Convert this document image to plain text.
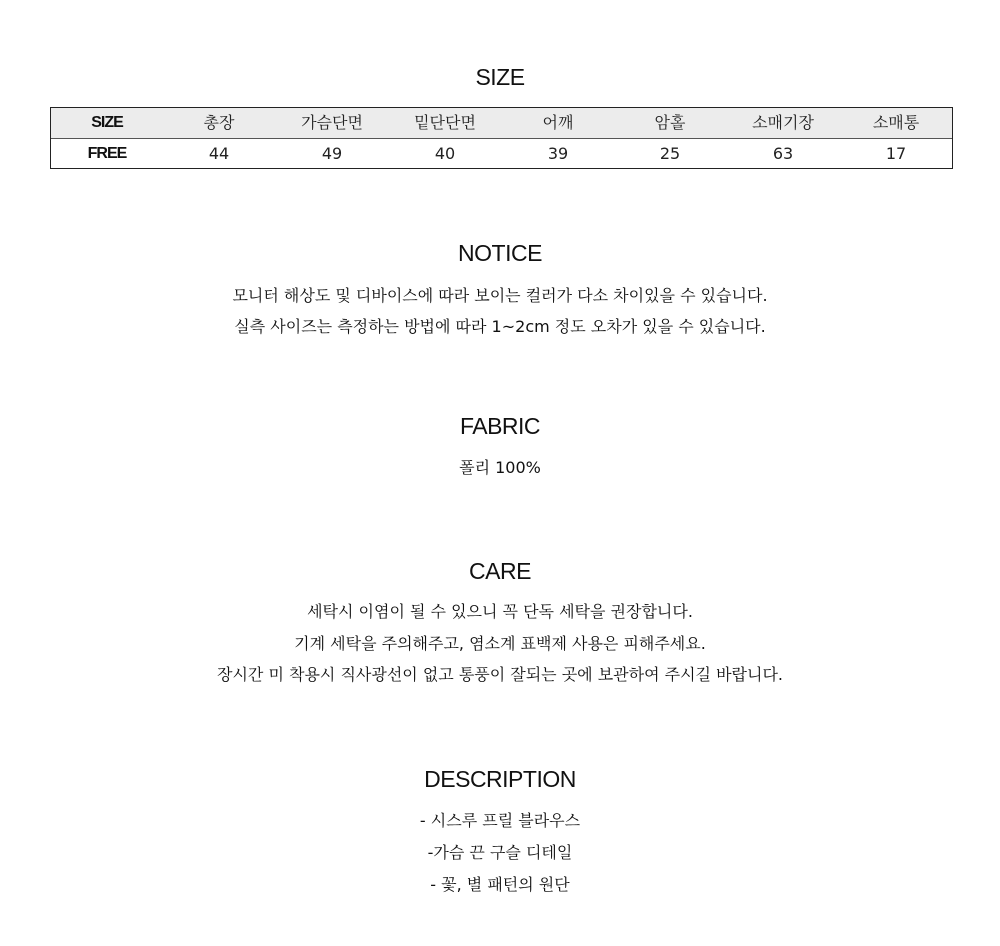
SIZE
SIZE	총장	가슴단면	밑단단면	어깨	암홀	소매기장	소매통
FREE	44	49	40	39	25	63	17
NOTICE
모니터 해상도 및 디바이스에 따라 보이는 컬러가 다소 차이있을 수 있습니다.
실측 사이즈는 측정하는 방법에 따라 1~2cm 정도 오차가 있을 수 있습니다.
FABRIC
폴리 100%
CARE
세탁시 이염이 될 수 있으니 꼭 단독 세탁을 권장합니다.
기계 세탁을 주의해주고, 염소계 표백제 사용은 피해주세요.
장시간 미 착용시 직사광선이 없고 통풍이 잘되는 곳에 보관하여 주시길 바랍니다.
DESCRIPTION
- 시스루 프릴 블라우스
-가슴 끈 구슬 디테일
- 꽃, 별 패턴의 원단
